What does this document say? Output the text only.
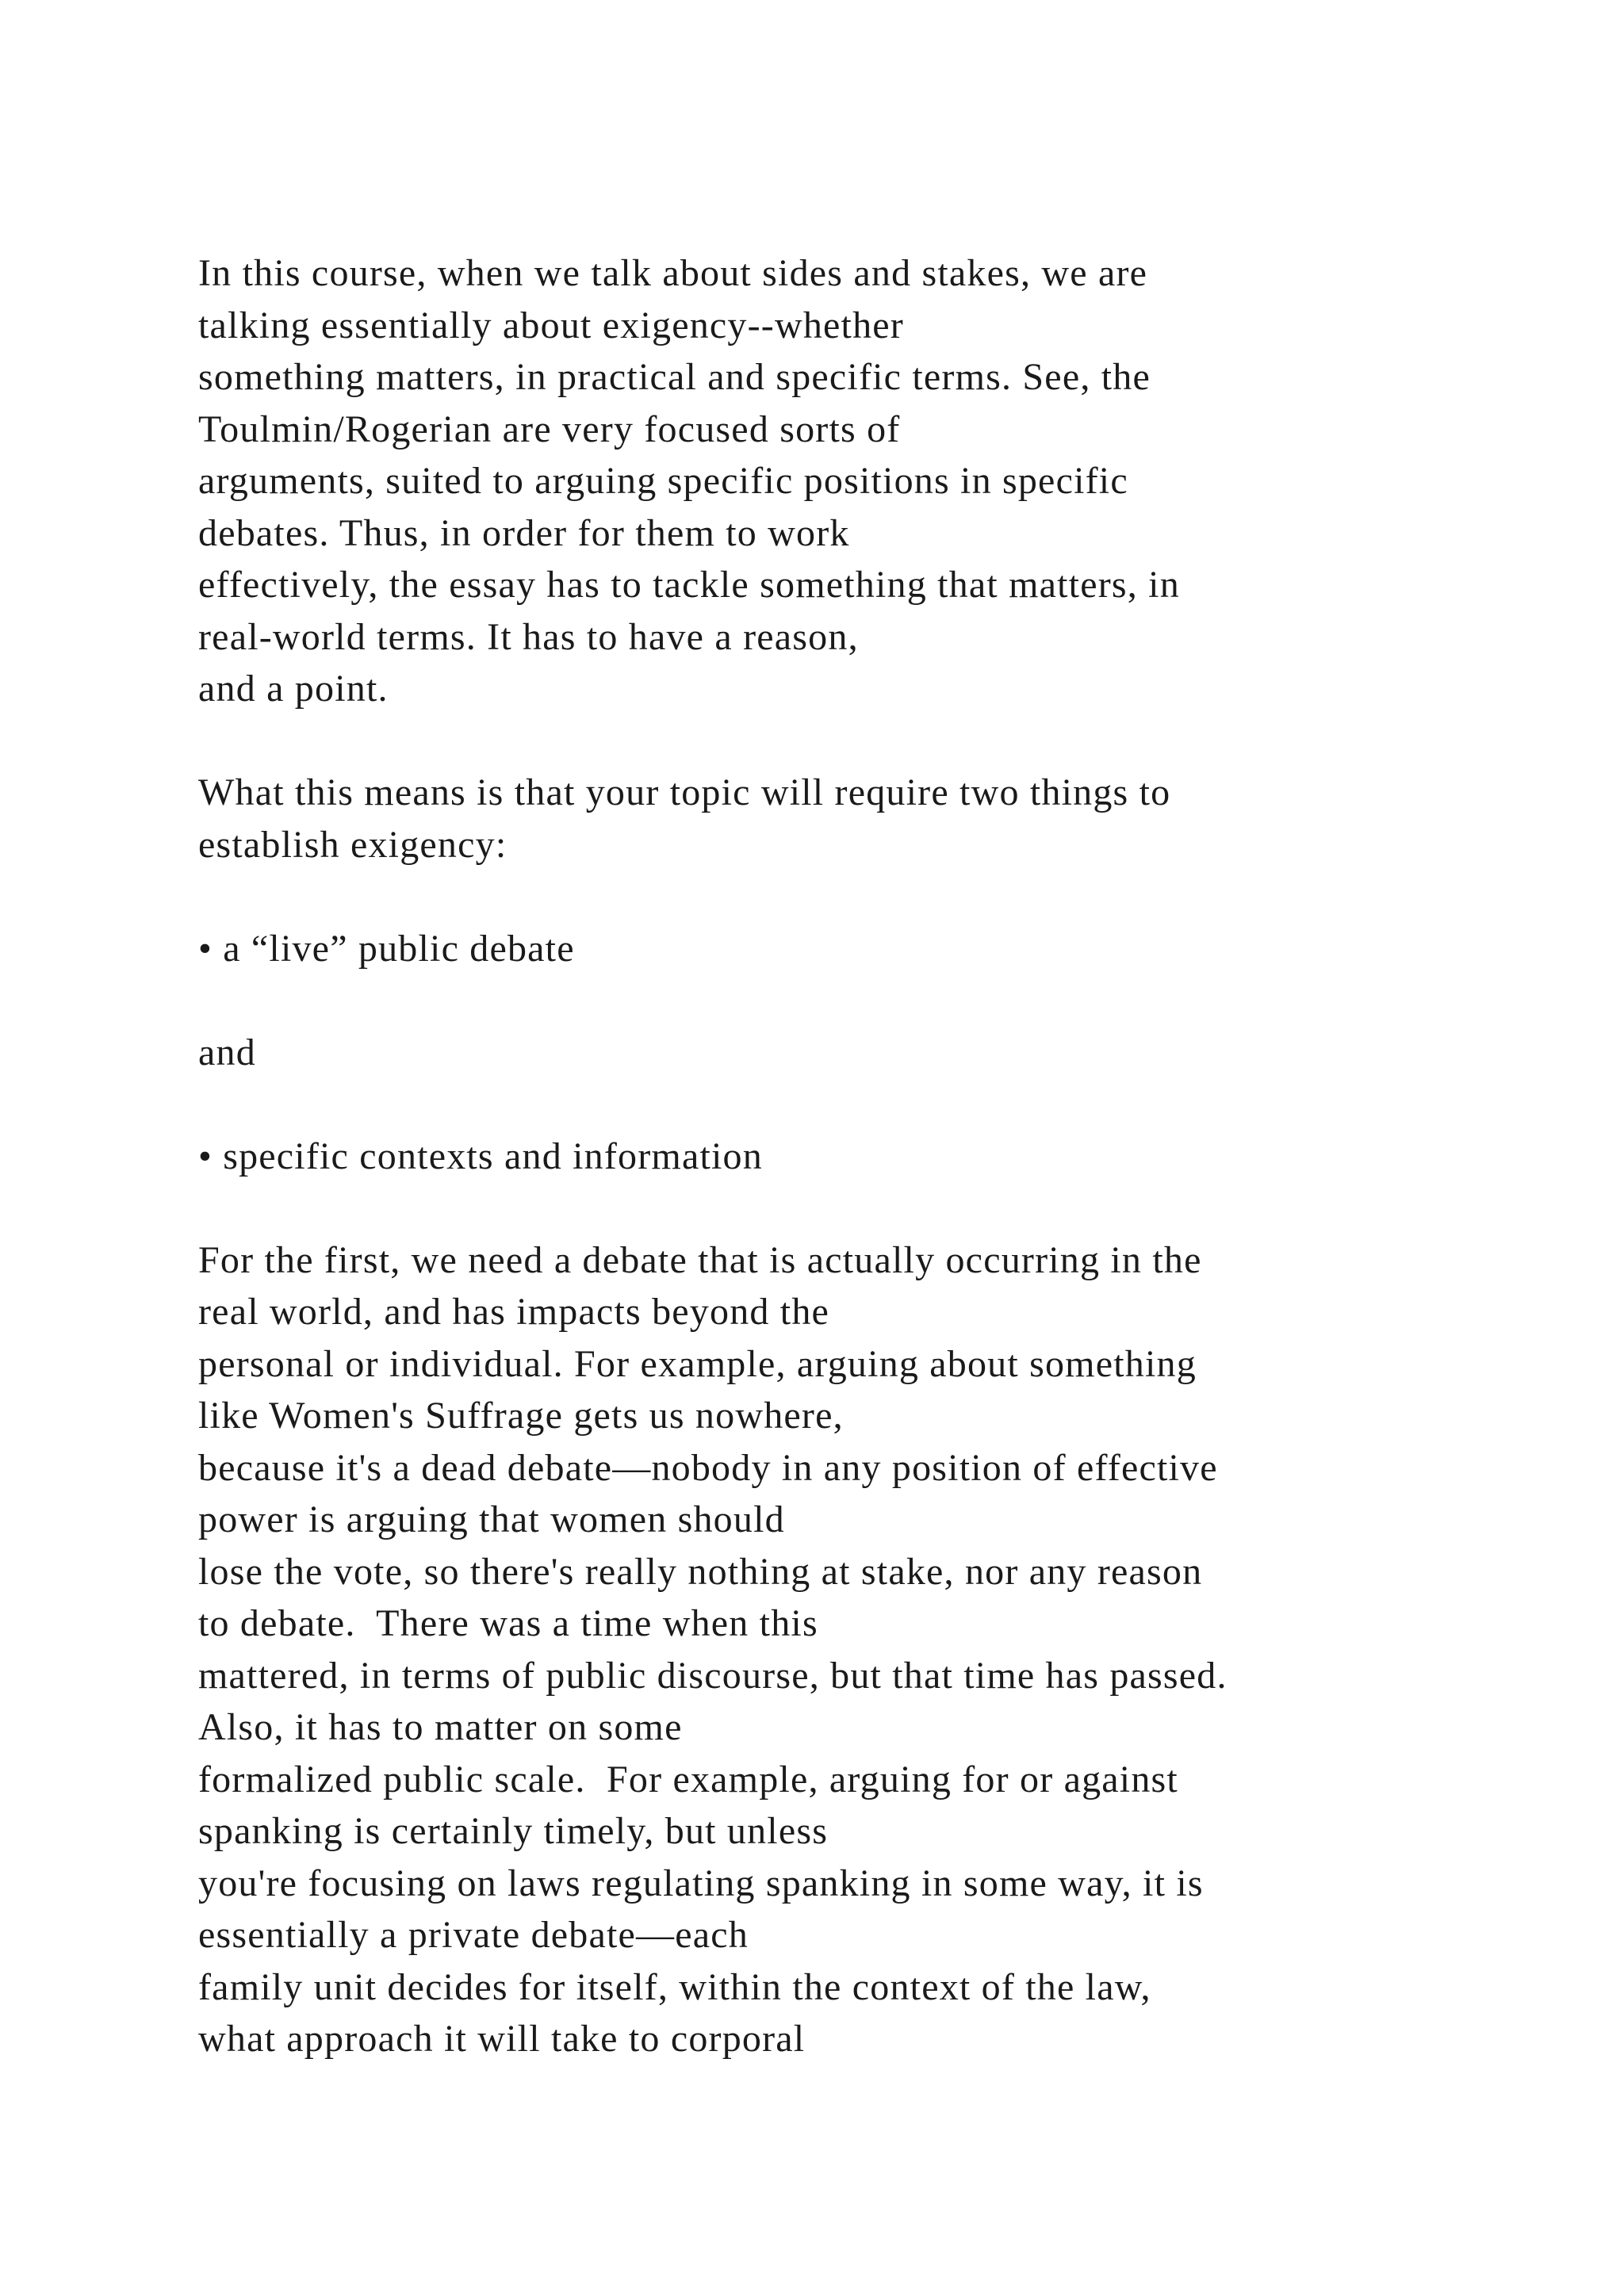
In this course, when we talk about sides and stakes, we are
talking essentially about exigency--whether
something matters, in practical and specific terms. See, the
Toulmin/Rogerian are very focused sorts of
arguments, suited to arguing specific positions in specific
debates. Thus, in order for them to work
effectively, the essay has to tackle something that matters, in
real-world terms. It has to have a reason,
and a point.
What this means is that your topic will require two things to
establish exigency:
• a “live” public debate
and
• specific contexts and information
For the first, we need a debate that is actually occurring in the
real world, and has impacts beyond the
personal or individual. For example, arguing about something
like Women's Suffrage gets us nowhere,
because it's a dead debate—nobody in any position of effective
power is arguing that women should
lose the vote, so there's really nothing at stake, nor any reason
to debate.  There was a time when this
mattered, in terms of public discourse, but that time has passed.
Also, it has to matter on some
formalized public scale.  For example, arguing for or against
spanking is certainly timely, but unless
you're focusing on laws regulating spanking in some way, it is
essentially a private debate—each
family unit decides for itself, within the context of the law,
what approach it will take to corporal
